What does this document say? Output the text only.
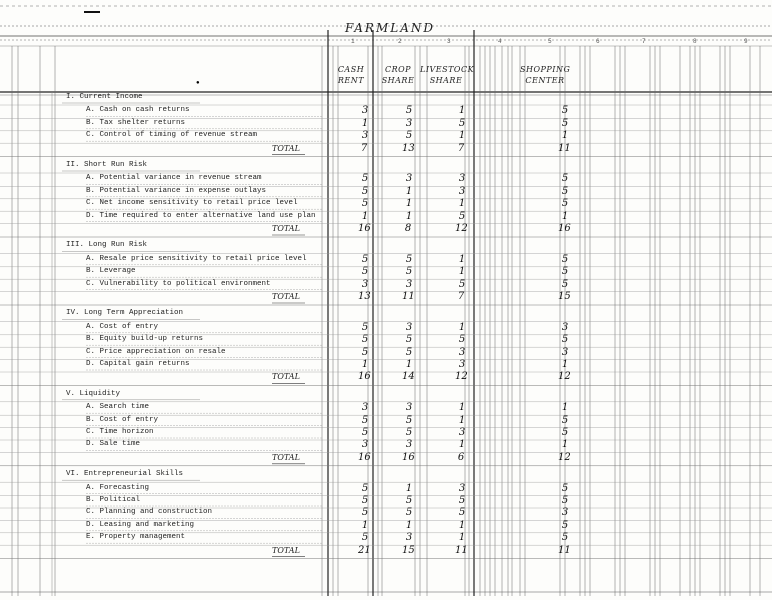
FARMLAND
●
1	2	3	4	5	6	7	8	9
CASH
RENT
CROP
SHARE
LIVESTOCK
SHARE
SHOPPING
CENTER
I. Current Income
A. Cash on cash returns	3	5	1	5
B. Tax shelter returns	1	3	5	5
C. Control of timing of revenue stream	3	5	1	1
TOTAL	7	13	7	11
II. Short Run Risk
A. Potential variance in revenue stream	5	3	3	5
B. Potential variance in expense outlays	5	1	3	5
C. Net income sensitivity to retail price level	5	1	1	5
D. Time required to enter alternative land use plan	1	1	5	1
TOTAL	16	8	12	16
III. Long Run Risk
A. Resale price sensitivity to retail price level	5	5	1	5
B. Leverage	5	5	1	5
C. Vulnerability to political environment	3	3	5	5
TOTAL	13	11	7	15
IV. Long Term Appreciation
A. Cost of entry	5	3	1	3
B. Equity build-up returns	5	5	5	5
C. Price appreciation on resale	5	5	3	3
D. Capital gain returns	1	1	3	1
TOTAL	16	14	12	12
V. Liquidity
A. Search time	3	3	1	1
B. Cost of entry	5	5	1	5
C. Time horizon	5	5	3	5
D. Sale time	3	3	1	1
TOTAL	16	16	6	12
VI. Entrepreneurial Skills
A. Forecasting	5	1	3	5
B. Political	5	5	5	5
C. Planning and construction	5	5	5	3
D. Leasing and marketing	1	1	1	5
E. Property management	5	3	1	5
TOTAL	21	15	11	11
